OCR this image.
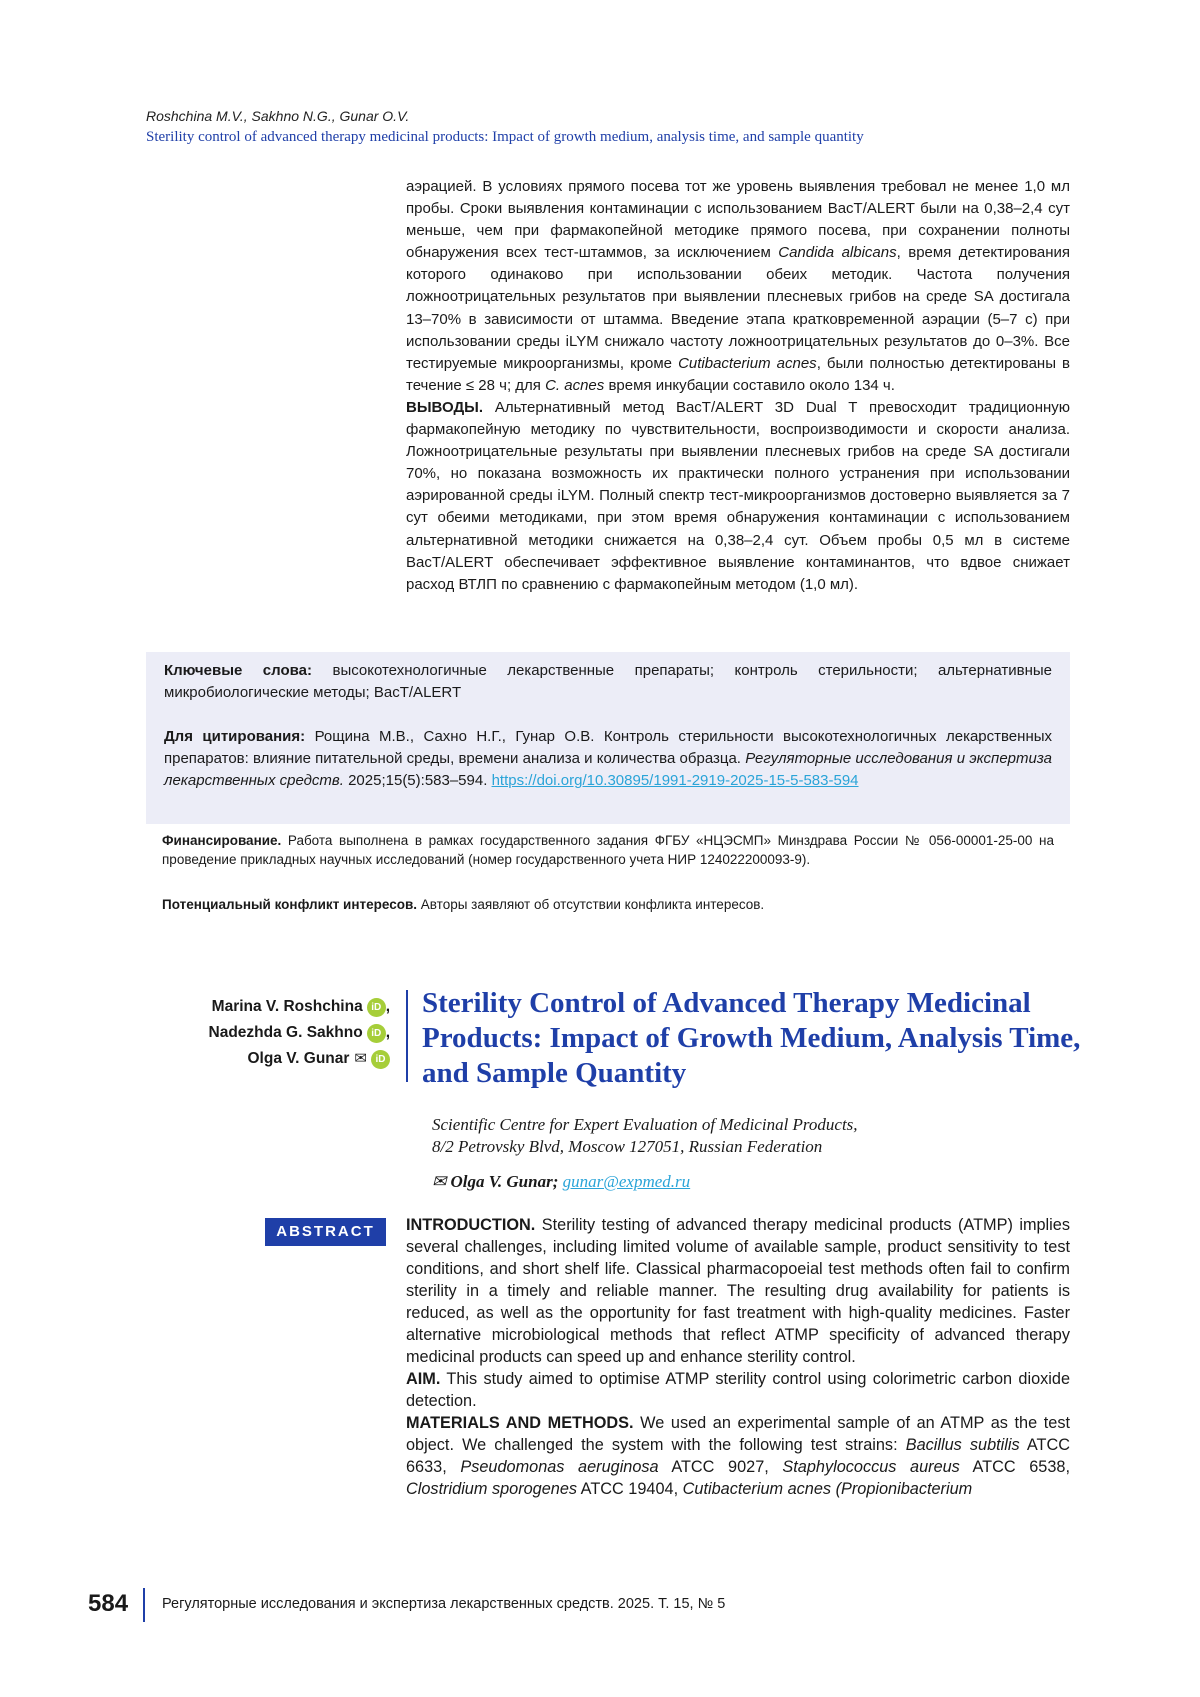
Roshchina M.V., Sakhno N.G., Gunar O.V.
Sterility control of advanced therapy medicinal products: Impact of growth medium, analysis time, and sample quantity

аэрацией. В условиях прямого посева тот же уровень выявления требовал не менее 1,0 мл пробы. Сроки выявления контаминации с использованием BacT/ALERT были на 0,38–2,4 сут меньше, чем при фармакопейной методике прямого посева, при сохранении полноты обнаружения всех тест-штаммов, за исключением Candida albicans, время детектирования которого одинаково при использовании обеих методик. Частота получения ложноотрицательных результатов при выявлении плесневых грибов на среде SA достигала 13–70% в зависимости от штамма. Введение этапа кратковременной аэрации (5–7 с) при использовании среды iLYM снижало частоту ложноотрицательных результатов до 0–3%. Все тестируемые микроорганизмы, кроме Cutibacterium acnes, были полностью детектированы в течение ≤ 28 ч; для C. acnes время инкубации составило около 134 ч.

ВЫВОДЫ. Альтернативный метод BacT/ALERT 3D Dual T превосходит традиционную фармакопейную методику по чувствительности, воспроизводимости и скорости анализа. Ложноотрицательные результаты при выявлении плесневых грибов на среде SA достигали 70%, но показана возможность их практически полного устранения при использовании аэрированной среды iLYM. Полный спектр тест-микроорганизмов достоверно выявляется за 7 сут обеими методиками, при этом время обнаружения контаминации с использованием альтернативной методики снижается на 0,38–2,4 сут. Объем пробы 0,5 мл в системе BacT/ALERT обеспечивает эффективное выявление контаминантов, что вдвое снижает расход ВТЛП по сравнению с фармакопейным методом (1,0 мл).

Ключевые слова: высокотехнологичные лекарственные препараты; контроль стерильности; альтернативные микробиологические методы; BacT/ALERT

Для цитирования: Рощина М.В., Сахно Н.Г., Гунар О.В. Контроль стерильности высокотехнологичных лекарственных препаратов: влияние питательной среды, времени анализа и количества образца. Регуляторные исследования и экспертиза лекарственных средств. 2025;15(5):583–594. https://doi.org/10.30895/1991-2919-2025-15-5-583-594

Финансирование. Работа выполнена в рамках государственного задания ФГБУ «НЦЭСМП» Минздрава России № 056-00001-25-00 на проведение прикладных научных исследований (номер государственного учета НИР 124022200093-9).
Потенциальный конфликт интересов. Авторы заявляют об отсутствии конфликта интересов.
Marina V. Roshchina iD ,
Nadezhda G. Sakhno iD ,
Olga V. Gunar ✉ iD
Sterility Control of Advanced Therapy Medicinal Products: Impact of Growth Medium, Analysis Time, and Sample Quantity
Scientific Centre for Expert Evaluation of Medicinal Products,
8/2 Petrovsky Blvd, Moscow 127051, Russian Federation
✉ Olga V. Gunar; gunar@expmed.ru
ABSTRACT	INTRODUCTION. Sterility testing of advanced therapy medicinal products (ATMP) implies several challenges, including limited volume of available sample, product sensitivity to test conditions, and short shelf life. Classical pharmacopoeial test methods often fail to confirm sterility in a timely and reliable manner. The resulting drug availability for patients is reduced, as well as the opportunity for fast treatment with high-quality medicines. Faster alternative microbiological methods that reflect ATMP specificity of advanced therapy medicinal products can speed up and enhance sterility control.

AIM. This study aimed to optimise ATMP sterility control using colorimetric carbon dioxide detection.

MATERIALS AND METHODS. We used an experimental sample of an ATMP as the test object. We challenged the system with the following test strains: Bacillus subtilis ATCC 6633, Pseudomonas aeruginosa ATCC 9027, Staphylococcus aureus ATCC 6538, Clostridium sporogenes ATCC 19404, Cutibacterium acnes (Propionibacterium

584 Регуляторные исследования и экспертиза лекарственных средств. 2025. Т. 15, № 5
